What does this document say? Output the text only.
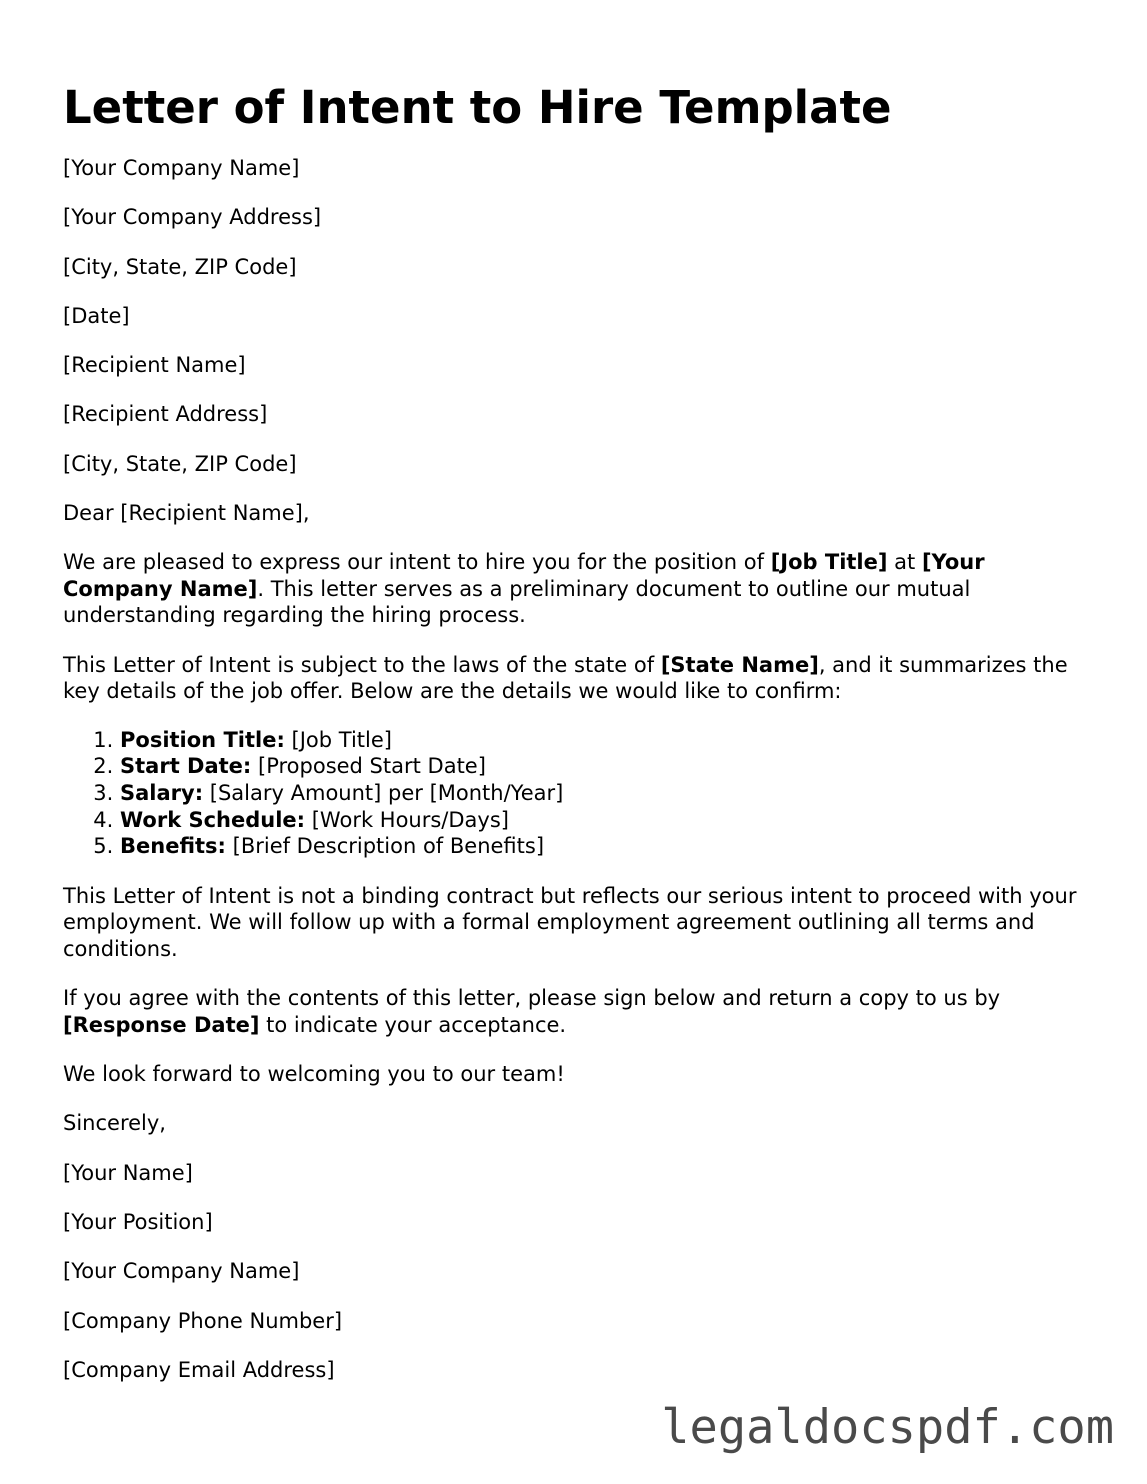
Letter of Intent to Hire Template

[Your Company Name]

[Your Company Address]

[City, State, ZIP Code]

[Date]

[Recipient Name]

[Recipient Address]

[City, State, ZIP Code]

Dear [Recipient Name],

We are pleased to express our intent to hire you for the position of [Job Title] at [Your Company Name]. This letter serves as a preliminary document to outline our mutual understanding regarding the hiring process.

This Letter of Intent is subject to the laws of the state of [State Name], and it summarizes the key details of the job offer. Below are the details we would like to confirm:

1. Position Title: [Job Title]
2. Start Date: [Proposed Start Date]
3. Salary: [Salary Amount] per [Month/Year]
4. Work Schedule: [Work Hours/Days]
5. Benefits: [Brief Description of Benefits]

This Letter of Intent is not a binding contract but reflects our serious intent to proceed with your employment. We will follow up with a formal employment agreement outlining all terms and conditions.

If you agree with the contents of this letter, please sign below and return a copy to us by [Response Date] to indicate your acceptance.

We look forward to welcoming you to our team!

Sincerely,

[Your Name]

[Your Position]

[Your Company Name]

[Company Phone Number]

[Company Email Address]

legaldocspdf.com
